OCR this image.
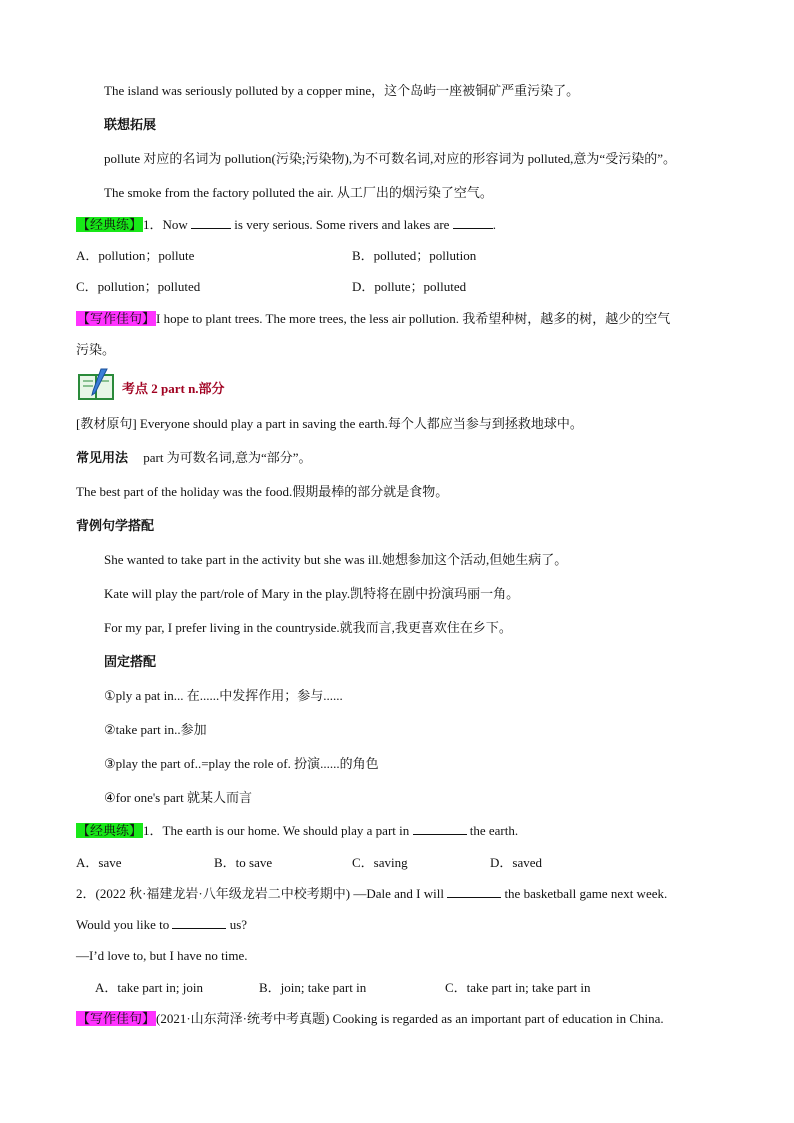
The island was seriously polluted by a copper mine，这个岛屿一座被铜矿严重污染了。
联想拓展
pollute 对应的名词为 pollution(污染;污染物),为不可数名词,对应的形容词为 polluted,意为“受污染的”。
The smoke from the factory polluted the air. 从工厂出的烟污染了空气。
【经典练】1．Now	is very serious. Some rivers and lakes are	.
A．pollution；pollute	B．polluted；pollution
C．pollution；polluted	D．pollute；polluted
【写作佳句】I hope to plant trees. The more trees, the less air pollution. 我希望种树，越多的树，越少的空气
污染。
考点 2 part n.部分
[教材原句] Everyone should play a part in saving the earth.每个人都应当参与到拯救地球中。
常见用法 part 为可数名词,意为“部分”。
The best part of the holiday was the food.假期最棒的部分就是食物。
背例句学搭配
She wanted to take part in the activity but she was ill.她想参加这个活动,但她生病了。
Kate will play the part/role of Mary in the play.凯特将在剧中扮演玛丽一角。
For my par, I prefer living in the countryside.就我而言,我更喜欢住在乡下。
固定搭配
①ply a pat in... 在......中发挥作用；参与......
②take part in..参加
③play the part of..=play the role of. 扮演......的角色
④for one's part 就某人而言
【经典练】1．The earth is our home. We should play a part in	the earth.
A．save	B．to save	C．saving	D．saved
2．(2022 秋·福建龙岩·八年级龙岩二中校考期中) —Dale and I will	the basketball game next week.
Would you like to	us?
—I’d love to, but I have no time.
A．take part in; join	B．join; take part in	C．take part in; take part in
【写作佳句】(2021·山东菏泽·统考中考真题) Cooking is regarded as an important part of education in China.
